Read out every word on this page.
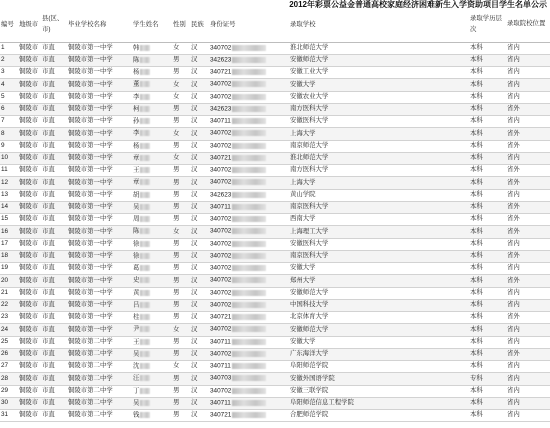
2012年彩票公益金普通高校家庭经济困难新生入学资助项目学生名单公示
编号	地级市	县(区、市)	毕业学校名称	学生姓名	性别	民族	身份证号	录取学校	录取学历层次	录取院校位置
1	铜陵市	市直	铜陵市第一中学	韩	女	汉	340702	淮北师范大学	本科	省内
2	铜陵市	市直	铜陵市第一中学	陈	男	汉	342623	安徽师范大学	本科	省内
3	铜陵市	市直	铜陵市第一中学	杨	男	汉	340721	安徽工业大学	本科	省内
4	铜陵市	市直	铜陵市第一中学	董	女	汉	340702	安徽大学	本科	省内
5	铜陵市	市直	铜陵市第一中学	李	女	汉	340702	安徽农业大学	本科	省内
6	铜陵市	市直	铜陵市第一中学	柯	男	汉	342623	南方医科大学	本科	省外
7	铜陵市	市直	铜陵市第一中学	孙	男	汉	340711	安徽医科大学	本科	省内
8	铜陵市	市直	铜陵市第一中学	李	女	汉	340702	上海大学	本科	省外
9	铜陵市	市直	铜陵市第一中学	杨	男	汉	340702	南京师范大学	本科	省外
10	铜陵市	市直	铜陵市第一中学	章	女	汉	340721	淮北师范大学	本科	省内
11	铜陵市	市直	铜陵市第一中学	王	男	汉	340702	南方医科大学	本科	省外
12	铜陵市	市直	铜陵市第一中学	章	男	汉	340702	上海大学	本科	省外
13	铜陵市	市直	铜陵市第一中学	胡	男	汉	342623	黄山学院	本科	省内
14	铜陵市	市直	铜陵市第一中学	吴	男	汉	340711	南京医科大学	本科	省外
15	铜陵市	市直	铜陵市第一中学	周	男	汉	340702	西南大学	本科	省外
16	铜陵市	市直	铜陵市第一中学	陈	女	汉	340702	上海理工大学	本科	省外
17	铜陵市	市直	铜陵市第一中学	徐	男	汉	340702	安徽医科大学	本科	省内
18	铜陵市	市直	铜陵市第一中学	徐	男	汉	340702	南京医科大学	本科	省外
19	铜陵市	市直	铜陵市第一中学	葛	男	汉	340702	安徽大学	本科	省内
20	铜陵市	市直	铜陵市第一中学	史	男	汉	340702	郑州大学	本科	省外
21	铜陵市	市直	铜陵市第一中学	黄	男	汉	340702	安徽师范大学	本科	省内
22	铜陵市	市直	铜陵市第一中学	吕	男	汉	340702	中国科技大学	本科	省内
23	铜陵市	市直	铜陵市第一中学	桂	男	汉	340721	北京体育大学	本科	省外
24	铜陵市	市直	铜陵市第一中学	尹	女	汉	340702	安徽师范大学	本科	省内
25	铜陵市	市直	铜陵市第二中学	王	男	汉	340711	安徽大学	本科	省内
26	铜陵市	市直	铜陵市第二中学	吴	男	汉	340702	广东海洋大学	本科	省外
27	铜陵市	市直	铜陵市第二中学	沈	女	汉	340711	阜阳师范学院	本科	省内
28	铜陵市	市直	铜陵市第二中学	汪	男	汉	340703	安徽外国语学院	专科	省内
29	铜陵市	市直	铜陵市第二中学	丁	男	汉	340702	安徽三联学院	本科	省内
30	铜陵市	市直	铜陵市第二中学	吴	男	汉	340711	阜阳师范信息工程学院	本科	省内
31	铜陵市	市直	铜陵市第二中学	钱	男	汉	340721	合肥师范学院	本科	省内
